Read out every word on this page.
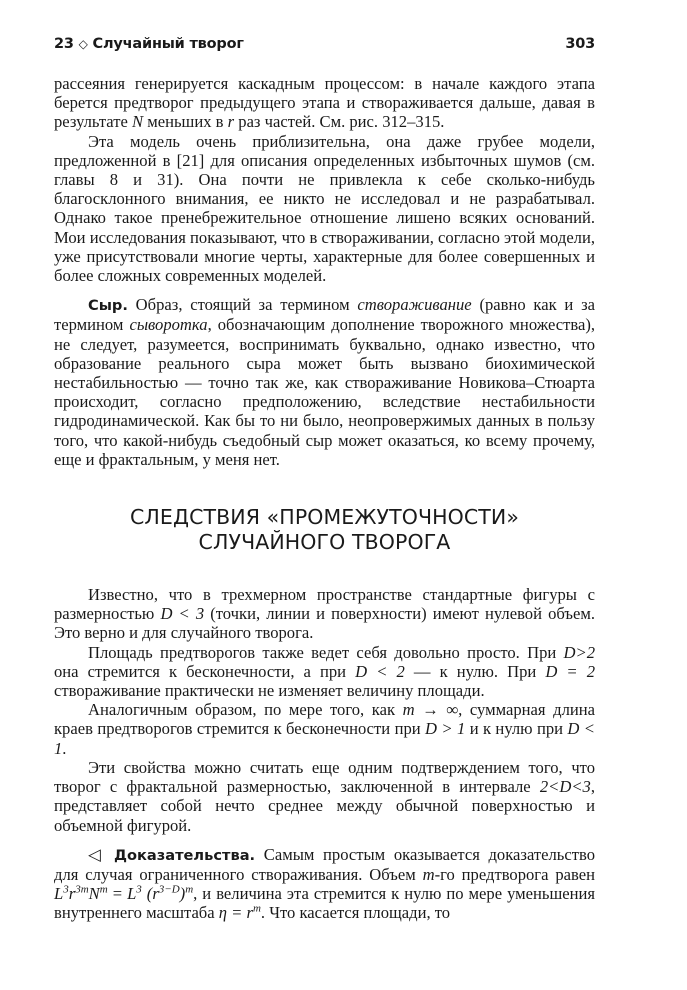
23 ◇ Случайный творог	303

рассеяния генерируется каскадным процессом: в начале каждого этапа берется предтворог предыдущего этапа и створаживается дальше, давая в результате N меньших в r раз частей. См. рис. 312–315.

Эта модель очень приблизительна, она даже грубее модели, предложенной в [21] для описания определенных избыточных шумов (см. главы 8 и 31). Она почти не привлекла к себе сколько-нибудь благосклонного внимания, ее никто не исследовал и не разрабатывал. Однако такое пренебрежительное отношение лишено всяких оснований. Мои исследования показывают, что в створаживании, согласно этой модели, уже присутствовали многие черты, характерные для более совершенных и более сложных современных моделей.

Сыр. Образ, стоящий за термином створаживание (равно как и за термином сыворотка, обозначающим дополнение творожного множества), не следует, разумеется, воспринимать буквально, однако известно, что образование реального сыра может быть вызвано биохимической нестабильностью — точно так же, как створаживание Новикова–Стюарта происходит, согласно предположению, вследствие нестабильности гидродинамической. Как бы то ни было, неопровержимых данных в пользу того, что какой-нибудь съедобный сыр может оказаться, ко всему прочему, еще и фрактальным, у меня нет.

СЛЕДСТВИЯ «ПРОМЕЖУТОЧНОСТИ» СЛУЧАЙНОГО ТВОРОГА

Известно, что в трехмерном пространстве стандартные фигуры с размерностью D < 3 (точки, линии и поверхности) имеют нулевой объем. Это верно и для случайного творога.

Площадь предтворогов также ведет себя довольно просто. При D>2 она стремится к бесконечности, а при D < 2 — к нулю. При D = 2 створаживание практически не изменяет величину площади.

Аналогичным образом, по мере того, как m → ∞, суммарная длина краев предтворогов стремится к бесконечности при D > 1 и к нулю при D < 1.

Эти свойства можно считать еще одним подтверждением того, что творог с фрактальной размерностью, заключенной в интервале 2<D<3, представляет собой нечто среднее между обычной поверхностью и объемной фигурой.

◁ Доказательства. Самым простым оказывается доказательство для случая ограниченного створаживания. Объем m-го предтворога равен $L^3r^{3m}N^m = L^3$ $(r^{3-D})^m$, и величина эта стремится к нулю по мере уменьшения внутреннего масштаба $\eta = r^m$. Что касается площади, то
